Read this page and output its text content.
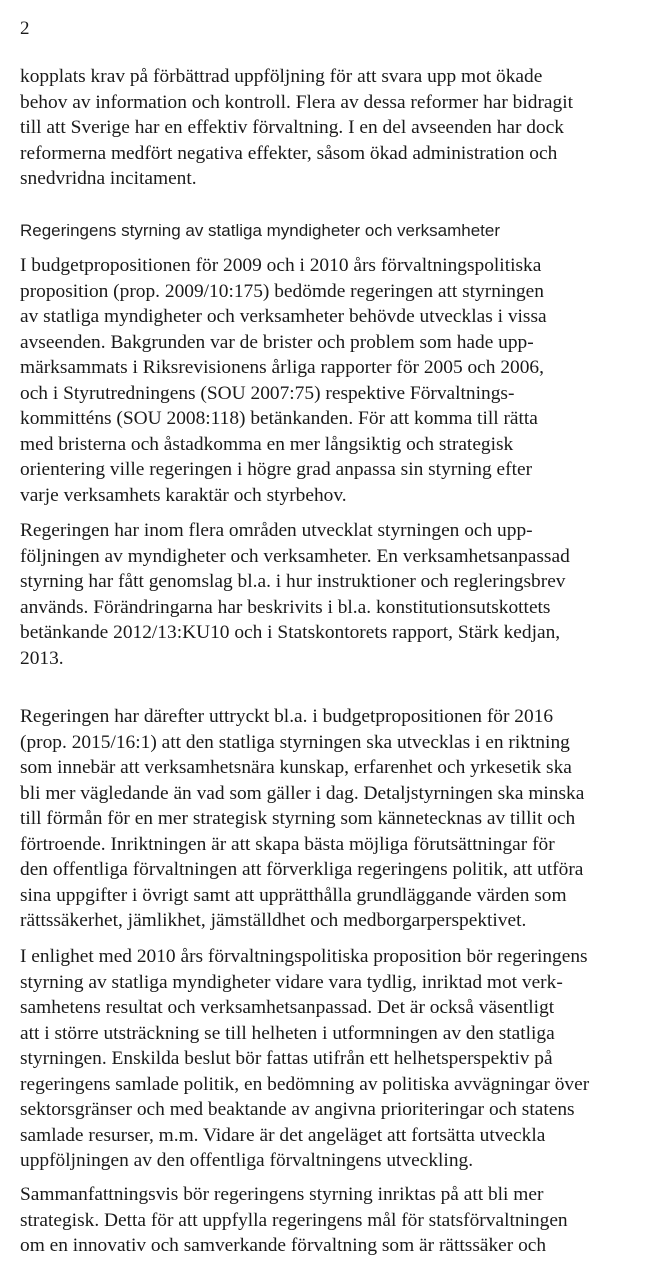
2
kopplats krav på förbättrad uppföljning för att svara upp mot ökade
behov av information och kontroll. Flera av dessa reformer har bidragit
till att Sverige har en effektiv förvaltning. I en del avseenden har dock
reformerna medfört negativa effekter, såsom ökad administration och
snedvridna incitament.
Regeringens styrning av statliga myndigheter och verksamheter
I budgetpropositionen för 2009 och i 2010 års förvaltningspolitiska
proposition (prop. 2009/10:175) bedömde regeringen att styrningen
av statliga myndigheter och verksamheter behövde utvecklas i vissa
avseenden. Bakgrunden var de brister och problem som hade upp-
märksammats i Riksrevisionens årliga rapporter för 2005 och 2006,
och i Styrutredningens (SOU 2007:75) respektive Förvaltnings-
kommitténs (SOU 2008:118) betänkanden. För att komma till rätta
med bristerna och åstadkomma en mer långsiktig och strategisk
orientering ville regeringen i högre grad anpassa sin styrning efter
varje verksamhets karaktär och styrbehov.
Regeringen har inom flera områden utvecklat styrningen och upp-
följningen av myndigheter och verksamheter. En verksamhetsanpassad
styrning har fått genomslag bl.a. i hur instruktioner och regleringsbrev
används. Förändringarna har beskrivits i bl.a. konstitutionsutskottets
betänkande 2012/13:KU10 och i Statskontorets rapport, Stärk kedjan,
2013.
Regeringen har därefter uttryckt bl.a. i budgetpropositionen för 2016
(prop. 2015/16:1) att den statliga styrningen ska utvecklas i en riktning
som innebär att verksamhetsnära kunskap, erfarenhet och yrkesetik ska
bli mer vägledande än vad som gäller i dag. Detaljstyrningen ska minska
till förmån för en mer strategisk styrning som kännetecknas av tillit och
förtroende. Inriktningen är att skapa bästa möjliga förutsättningar för
den offentliga förvaltningen att förverkliga regeringens politik, att utföra
sina uppgifter i övrigt samt att upprätthålla grundläggande värden som
rättssäkerhet, jämlikhet, jämställdhet och medborgarperspektivet.
I enlighet med 2010 års förvaltningspolitiska proposition bör regeringens
styrning av statliga myndigheter vidare vara tydlig, inriktad mot verk-
samhetens resultat och verksamhetsanpassad. Det är också väsentligt
att i större utsträckning se till helheten i utformningen av den statliga
styrningen. Enskilda beslut bör fattas utifrån ett helhetsperspektiv på
regeringens samlade politik, en bedömning av politiska avvägningar över
sektorsgränser och med beaktande av angivna prioriteringar och statens
samlade resurser, m.m. Vidare är det angeläget att fortsätta utveckla
uppföljningen av den offentliga förvaltningens utveckling.
Sammanfattningsvis bör regeringens styrning inriktas på att bli mer
strategisk. Detta för att uppfylla regeringens mål för statsförvaltningen
om en innovativ och samverkande förvaltning som är rättssäker och
